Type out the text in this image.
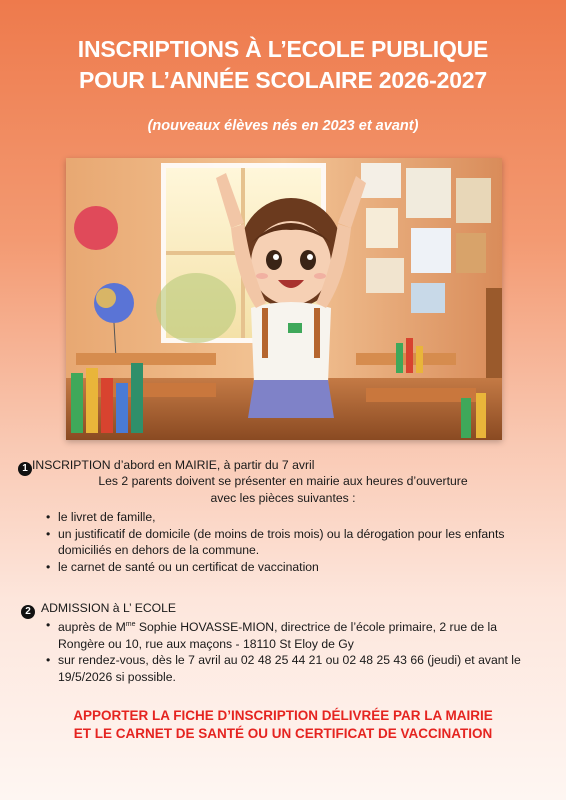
INSCRIPTIONS À L’ECOLE PUBLIQUE
POUR L’ANNÉE SCOLAIRE 2026-2027
(nouveaux élèves nés en 2023 et avant)
1 INSCRIPTION d’abord en MAIRIE, à partir du 7 avril
Les 2 parents doivent se présenter en mairie aux heures d’ouverture
avec les pièces suivantes :
• le livret de famille,
• un justificatif de domicile (de moins de trois mois) ou la dérogation pour les enfants domiciliés en dehors de la commune.
• le carnet de santé ou un certificat de vaccination
2 ADMISSION à L’ ECOLE
• auprès de $M^{me}$ Sophie HOVASSE-MION, directrice de l’école primaire, 2 rue de la Rongère ou 10, rue aux maçons - 18110 St Eloy de Gy
• sur rendez-vous, dès le 7 avril au 02 48 25 44 21 ou 02 48 25 43 66 (jeudi) et avant le 19/5/2026 si possible.
APPORTER LA FICHE D’INSCRIPTION DÉLIVRÉE PAR LA MAIRIE
ET LE CARNET DE SANTÉ OU UN CERTIFICAT DE VACCINATION
